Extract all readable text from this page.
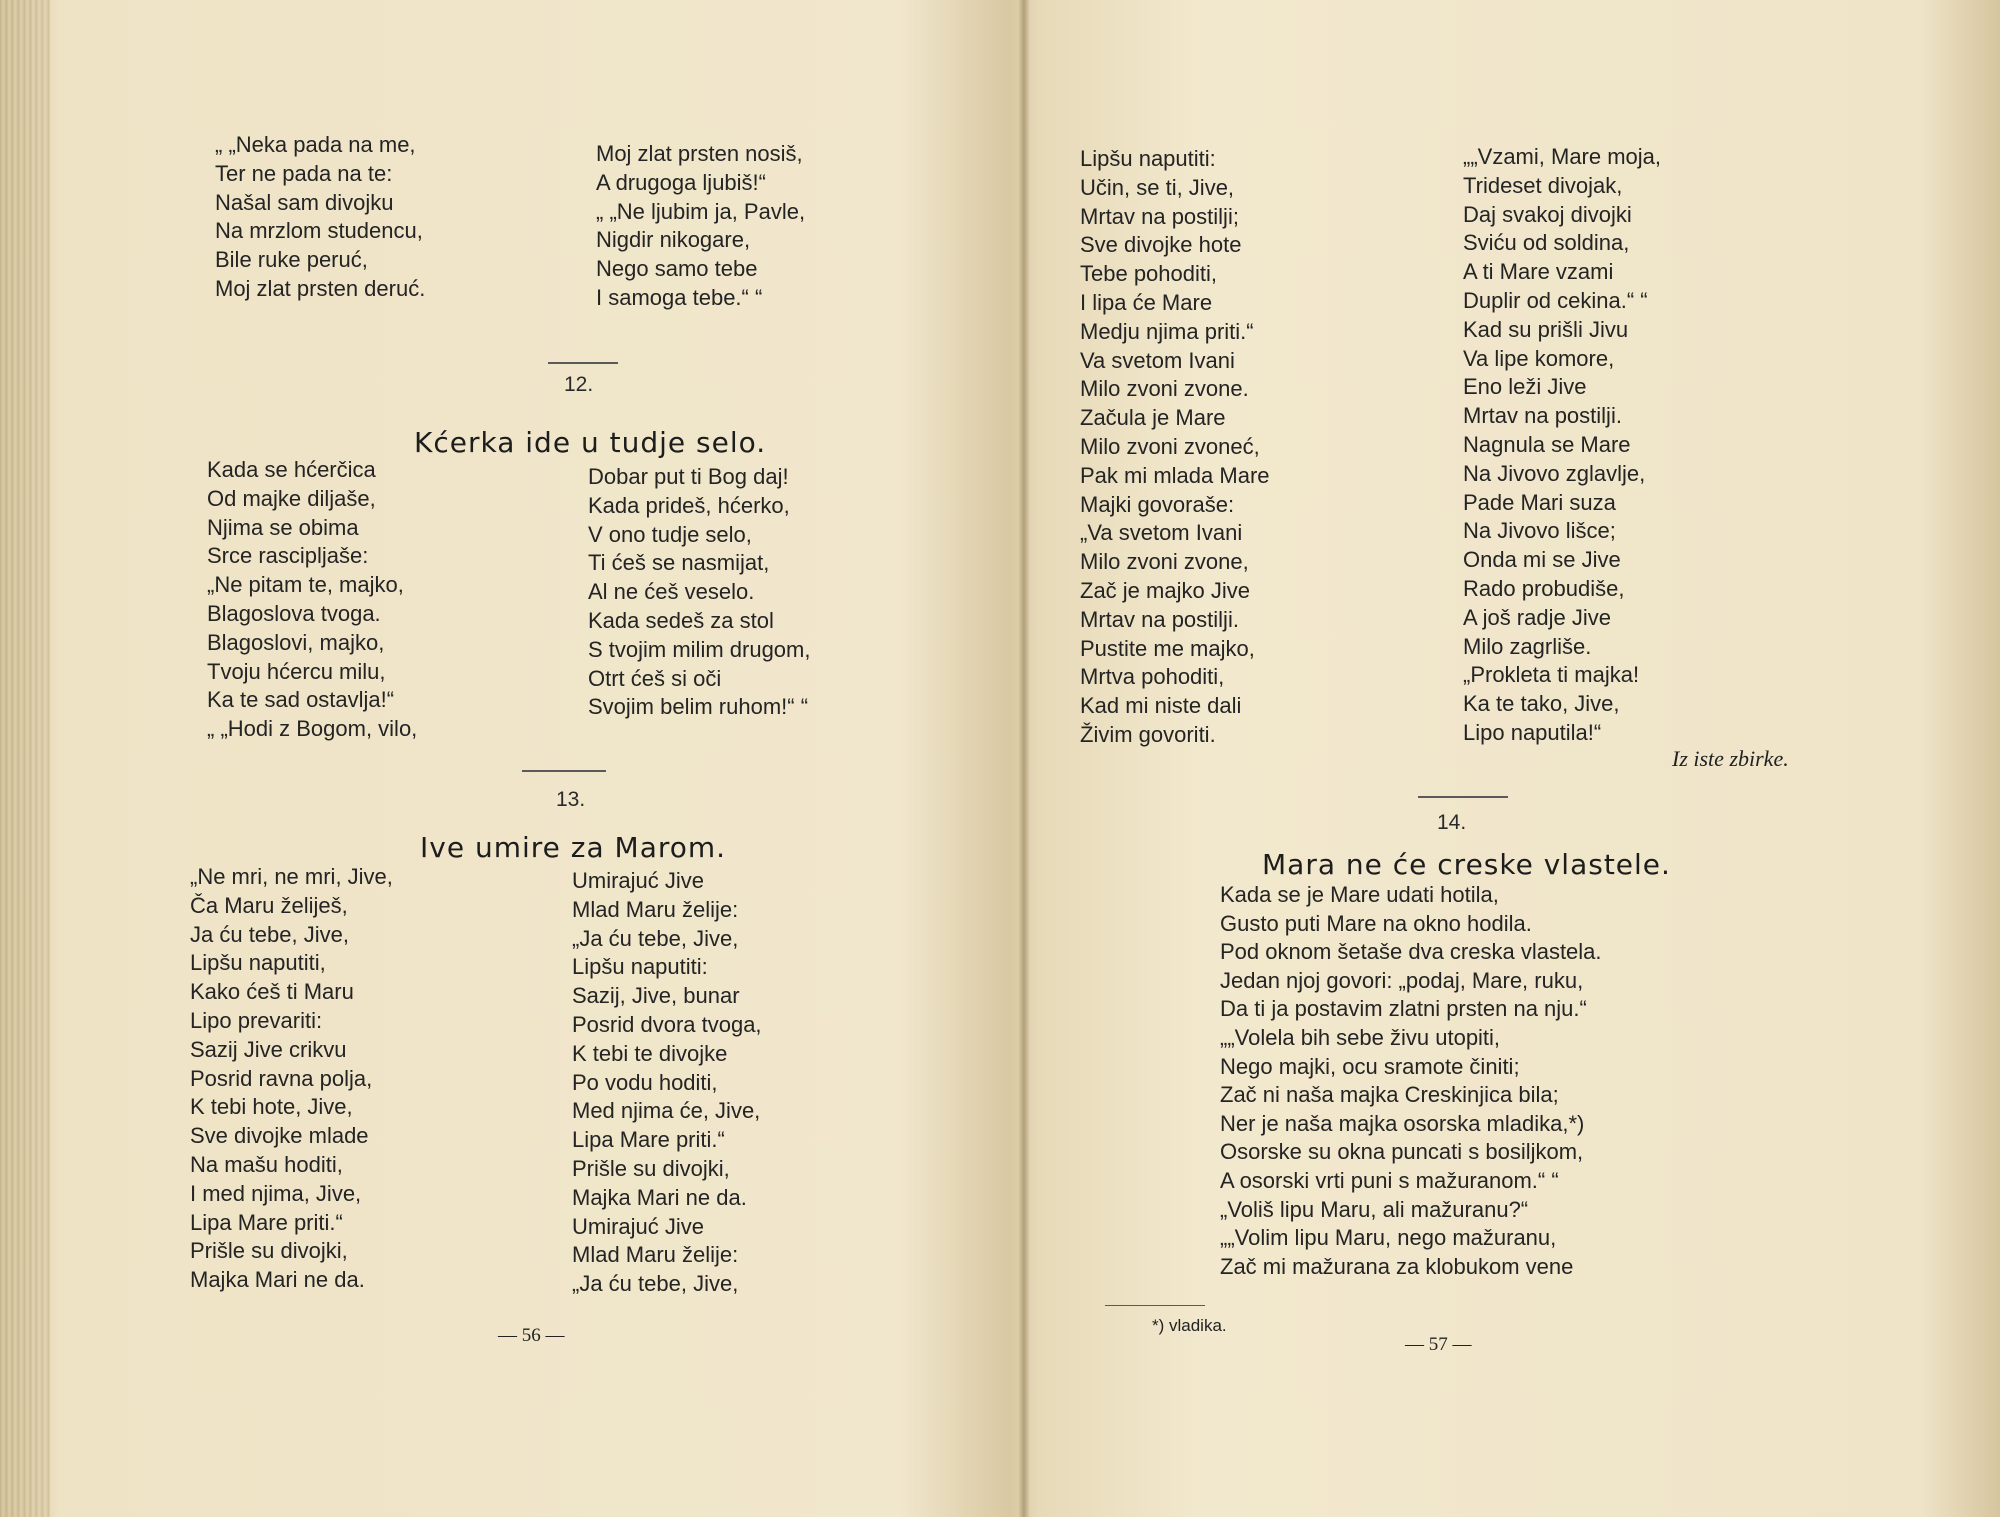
„ „Neka pada na me,
Ter ne pada na te:
Našal sam divojku
Na mrzlom studencu,
Bile ruke peruć,
Moj zlat prsten deruć.
Moj zlat prsten nosiš,
A drugoga ljubiš!“
„ „Ne ljubim ja, Pavle,
Nigdir nikogare,
Nego samo tebe
I samoga tebe.“ “
12.
Kćerka ide u tudje selo.
Kada se hćerčica
Od majke diljaše,
Njima se obima
Srce rascipljaše:
„Ne pitam te, majko,
Blagoslova tvoga.
Blagoslovi, majko,
Tvoju hćercu milu,
Ka te sad ostavlja!“
„ „Hodi z Bogom, vilo,
Dobar put ti Bog daj!
Kada prideš, hćerko,
V ono tudje selo,
Ti ćeš se nasmijat,
Al ne ćeš veselo.
Kada sedeš za stol
S tvojim milim drugom,
Otrt ćeš si oči
Svojim belim ruhom!“ “
13.
Ive umire za Marom.
„Ne mri, ne mri, Jive,
Ča Maru želiješ,
Ja ću tebe, Jive,
Lipšu naputiti,
Kako ćeš ti Maru
Lipo prevariti:
Sazij Jive crikvu
Posrid ravna polja,
K tebi hote, Jive,
Sve divojke mlade
Na mašu hoditi,
I med njima, Jive,
Lipa Mare priti.“
Prišle su divojki,
Majka Mari ne da.
Umirajuć Jive
Mlad Maru želije:
„Ja ću tebe, Jive,
Lipšu naputiti:
Sazij, Jive, bunar
Posrid dvora tvoga,
K tebi te divojke
Po vodu hoditi,
Med njima će, Jive,
Lipa Mare priti.“
Prišle su divojki,
Majka Mari ne da.
Umirajuć Jive
Mlad Maru želije:
„Ja ću tebe, Jive,
— 56 —
Lipšu naputiti:
Učin, se ti, Jive,
Mrtav na postilji;
Sve divojke hote
Tebe pohoditi,
I lipa će Mare
Medju njima priti.“
Va svetom Ivani
Milo zvoni zvone.
Začula je Mare
Milo zvoni zvoneć,
Pak mi mlada Mare
Majki govoraše:
„Va svetom Ivani
Milo zvoni zvone,
Zač je majko Jive
Mrtav na postilji.
Pustite me majko,
Mrtva pohoditi,
Kad mi niste dali
Živim govoriti.
„„Vzami, Mare moja,
Trideset divojak,
Daj svakoj divojki
Sviću od soldina,
A ti Mare vzami
Duplir od cekina.“ “
Kad su prišli Jivu
Va lipe komore,
Eno leži Jive
Mrtav na postilji.
Nagnula se Mare
Na Jivovo zglavlje,
Pade Mari suza
Na Jivovo lišce;
Onda mi se Jive
Rado probudiše,
A još radje Jive
Milo zagrliše.
„Prokleta ti majka!
Ka te tako, Jive,
Lipo naputila!“
Iz iste zbirke.
14.
Mara ne će creske vlastele.
Kada se je Mare udati hotila,
Gusto puti Mare na okno hodila.
Pod oknom šetaše dva creska vlastela.
Jedan njoj govori: „podaj, Mare, ruku,
Da ti ja postavim zlatni prsten na nju.“
„„Volela bih sebe živu utopiti,
Nego majki, ocu sramote činiti;
Zač ni naša majka Creskinjica bila;
Ner je naša majka osorska mladika,*)
Osorske su okna puncati s bosiljkom,
A osorski vrti puni s mažuranom.“ “
„Voliš lipu Maru, ali mažuranu?“
„„Volim lipu Maru, nego mažuranu,
Zač mi mažurana za klobukom vene
*) vladika.
— 57 —
